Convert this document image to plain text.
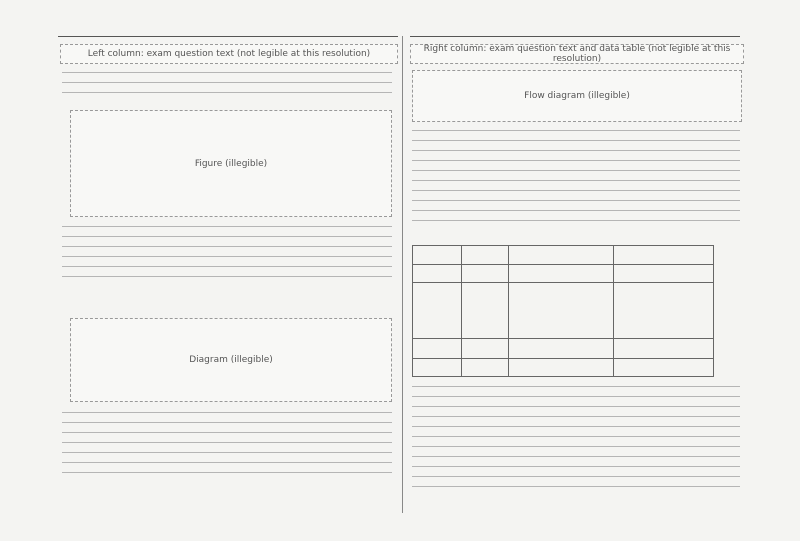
Left column: exam question text (not legible at this resolution)
Figure (illegible)
Diagram (illegible)
Right column: exam question text and data table (not legible at this resolution)
Flow diagram (illegible)
